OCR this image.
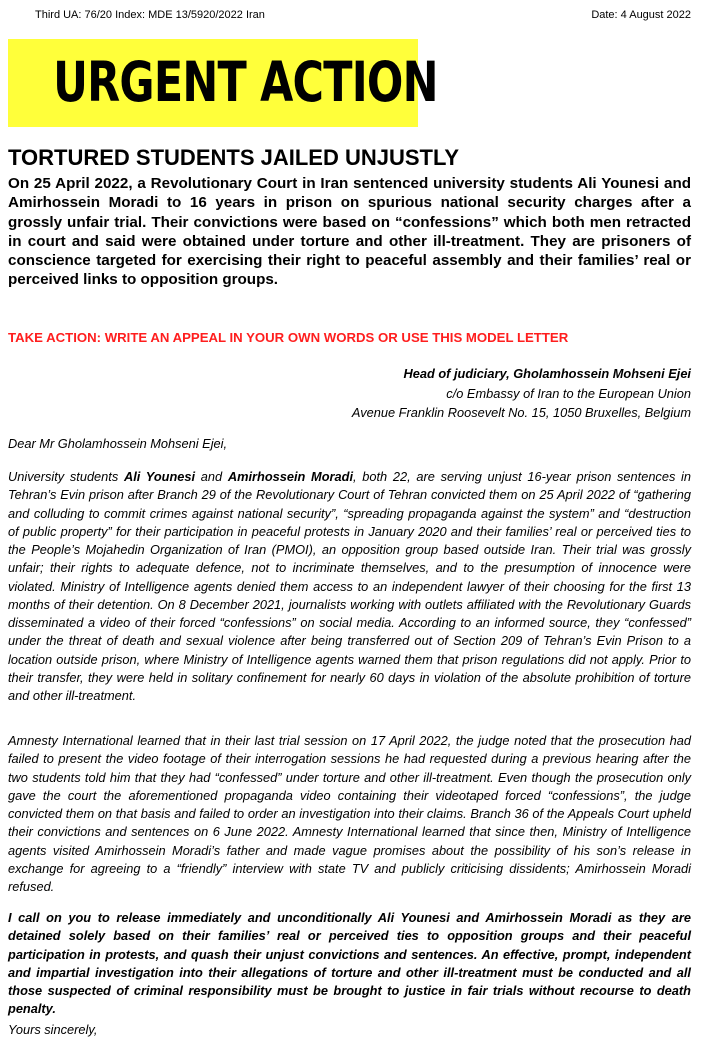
Third UA: 76/20 Index: MDE 13/5920/2022 Iran	Date: 4 August 2022
URGENT ACTION
TORTURED STUDENTS JAILED UNJUSTLY
On 25 April 2022, a Revolutionary Court in Iran sentenced university students Ali Younesi and Amirhossein Moradi to 16 years in prison on spurious national security charges after a grossly unfair trial. Their convictions were based on “confessions” which both men retracted in court and said were obtained under torture and other ill-treatment. They are prisoners of conscience targeted for exercising their right to peaceful assembly and their families’ real or perceived links to opposition groups.
TAKE ACTION: WRITE AN APPEAL IN YOUR OWN WORDS OR USE THIS MODEL LETTER
Head of judiciary, Gholamhossein Mohseni Ejei
c/o Embassy of Iran to the European Union
Avenue Franklin Roosevelt No. 15, 1050 Bruxelles, Belgium
Dear Mr Gholamhossein Mohseni Ejei,
University students Ali Younesi and Amirhossein Moradi, both 22, are serving unjust 16-year prison sentences in Tehran’s Evin prison after Branch 29 of the Revolutionary Court of Tehran convicted them on 25 April 2022 of “gathering and colluding to commit crimes against national security”, “spreading propaganda against the system” and “destruction of public property” for their participation in peaceful protests in January 2020 and their families’ real or perceived ties to the People’s Mojahedin Organization of Iran (PMOI), an opposition group based outside Iran. Their trial was grossly unfair; their rights to adequate defence, not to incriminate themselves, and to the presumption of innocence were violated. Ministry of Intelligence agents denied them access to an independent lawyer of their choosing for the first 13 months of their detention. On 8 December 2021, journalists working with outlets affiliated with the Revolutionary Guards disseminated a video of their forced “confessions” on social media. According to an informed source, they “confessed” under the threat of death and sexual violence after being transferred out of Section 209 of Tehran’s Evin Prison to a location outside prison, where Ministry of Intelligence agents warned them that prison regulations did not apply. Prior to their transfer, they were held in solitary confinement for nearly 60 days in violation of the absolute prohibition of torture and other ill-treatment.
Amnesty International learned that in their last trial session on 17 April 2022, the judge noted that the prosecution had failed to present the video footage of their interrogation sessions he had requested during a previous hearing after the two students told him that they had “confessed” under torture and other ill-treatment. Even though the prosecution only gave the court the aforementioned propaganda video containing their videotaped forced “confessions”, the judge convicted them on that basis and failed to order an investigation into their claims. Branch 36 of the Appeals Court upheld their convictions and sentences on 6 June 2022. Amnesty International learned that since then, Ministry of Intelligence agents visited Amirhossein Moradi’s father and made vague promises about the possibility of his son’s release in exchange for agreeing to a “friendly” interview with state TV and publicly criticising dissidents; Amirhossein Moradi refused.
I call on you to release immediately and unconditionally Ali Younesi and Amirhossein Moradi as they are detained solely based on their families’ real or perceived ties to opposition groups and their peaceful participation in protests, and quash their unjust convictions and sentences. An effective, prompt, independent and impartial investigation into their allegations of torture and other ill-treatment must be conducted and all those suspected of criminal responsibility must be brought to justice in fair trials without recourse to death penalty.
Yours sincerely,
